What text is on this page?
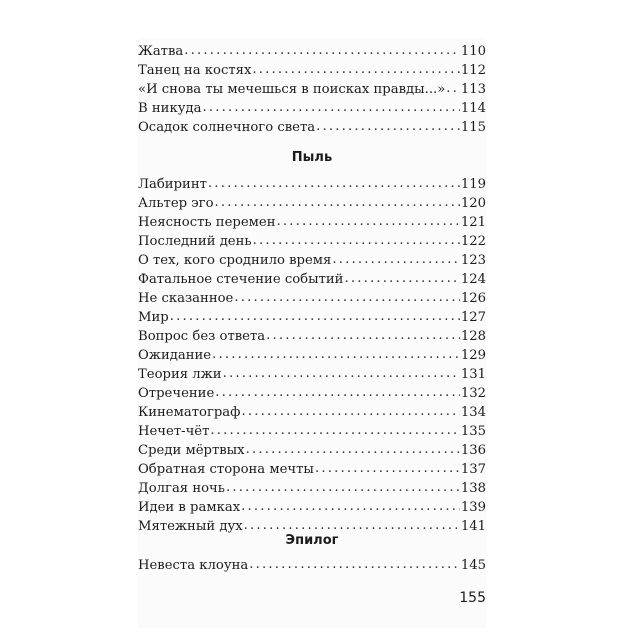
Жатва . . .	110
Танец на костях . . .	112
«И снова ты мечешься в поисках правды...» . . . 113
В никуда . . .	114
Осадок солнечного света . . .	115
Пыль
Лабиринт . . .	119
Альтер эго . . .	120
Неясность перемен . . .	121
Последний день . . .	122
О тех, кого сроднило время . . .	123
Фатальное стечение событий . . .	124
Не сказанное . . .	126
Мир . . .	127
Вопрос без ответа . . .	128
Ожидание . . .	129
Теория лжи . . .	131
Отречение . . .	132
Кинематограф . . .	134
Нечет-чёт . . .	135
Среди мёртвых . . .	136
Обратная сторона мечты . . .	137
Долгая ночь . . .	138
Идеи в рамках . . .	139
Мятежный дух . . .	141
Эпилог
Невеста клоуна . . .	145
155
